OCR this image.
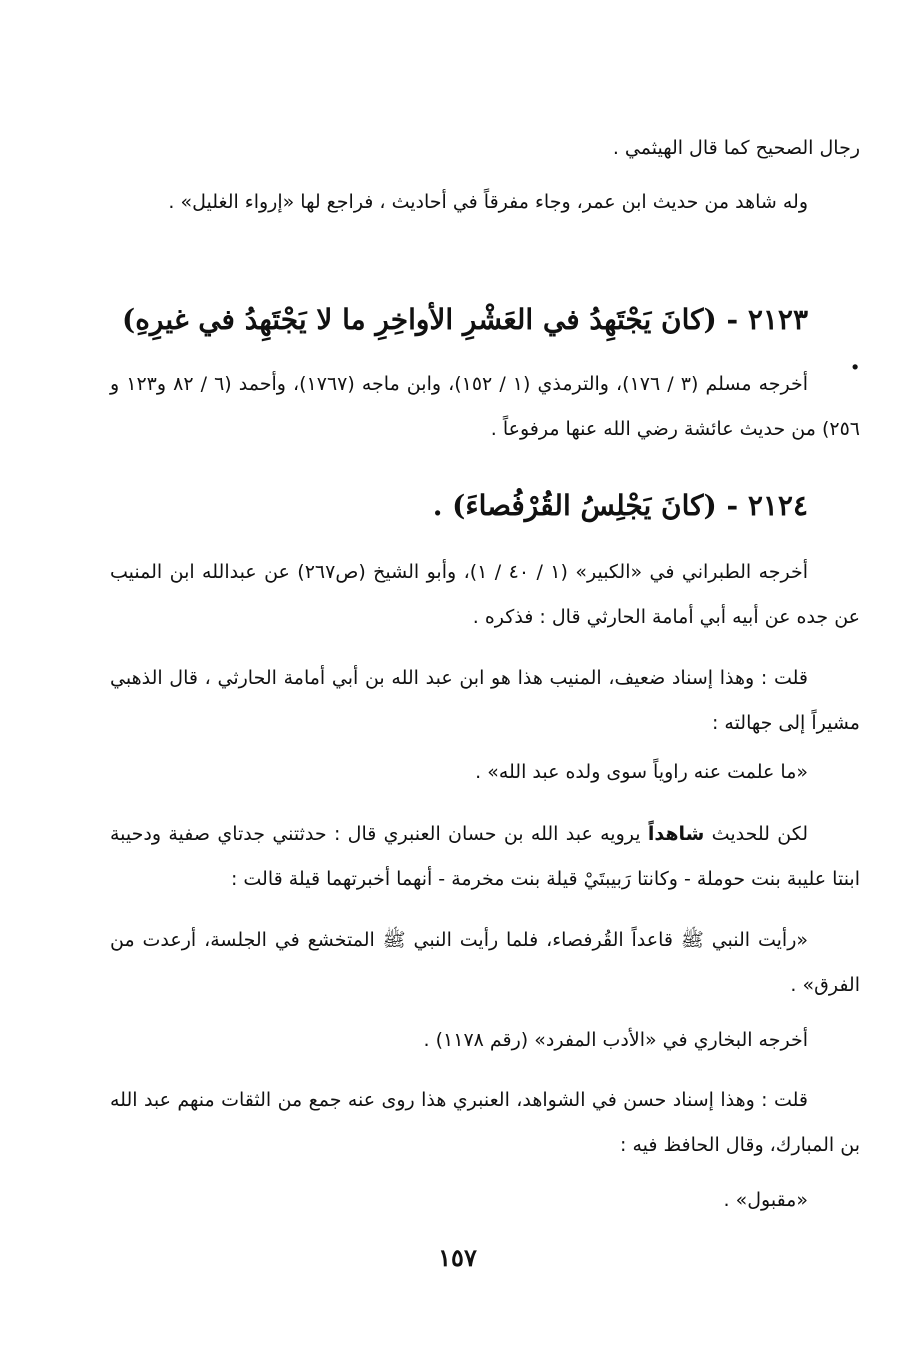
رجال الصحيح كما قال الهيثمي .
وله شاهد من حديث ابن عمر، وجاء مفرقاً في أحاديث ، فراجع لها «إرواء الغليل» .
٢١٢٣ - (كانَ يَجْتَهِدُ في العَشْرِ الأواخِرِ ما لا يَجْتَهِدُ في غيرِهِ) .
أخرجه مسلم (٣ / ١٧٦)، والترمذي (١ / ١٥٢)، وابن ماجه (١٧٦٧)، وأحمد (٦ / ٨٢ و١٢٣ و ٢٥٦) من حديث عائشة رضي الله عنها مرفوعاً .
٢١٢٤ - (كانَ يَجْلِسُ القُرْفُصاءَ) .
أخرجه الطبراني في «الكبير» (١ / ٤٠ / ١)، وأبو الشيخ (ص٢٦٧) عن عبدالله ابن المنيب عن جده عن أبيه أبي أمامة الحارثي قال : فذكره .
قلت : وهذا إسناد ضعيف، المنيب هذا هو ابن عبد الله بن أبي أمامة الحارثي ، قال الذهبي مشيراً إلى جهالته :
«ما علمت عنه راوياً سوى ولده عبد الله» .
لكن للحديث شاهداً يرويه عبد الله بن حسان العنبري قال : حدثتني جدتاي صفية ودحيبة ابنتا علیبة بنت حوملة - وكانتا رَبيبتَيْ قيلة بنت مخرمة - أنهما أخبرتهما قيلة قالت :
«رأيت النبي ﷺ قاعداً القُرفصاء، فلما رأيت النبي ﷺ المتخشع في الجلسة، أرعدت من الفرق» .
أخرجه البخاري في «الأدب المفرد» (رقم ١١٧٨) .
قلت : وهذا إسناد حسن في الشواهد، العنبري هذا روى عنه جمع من الثقات منهم عبد الله بن المبارك، وقال الحافظ فيه :
«مقبول» .
١٥٧
